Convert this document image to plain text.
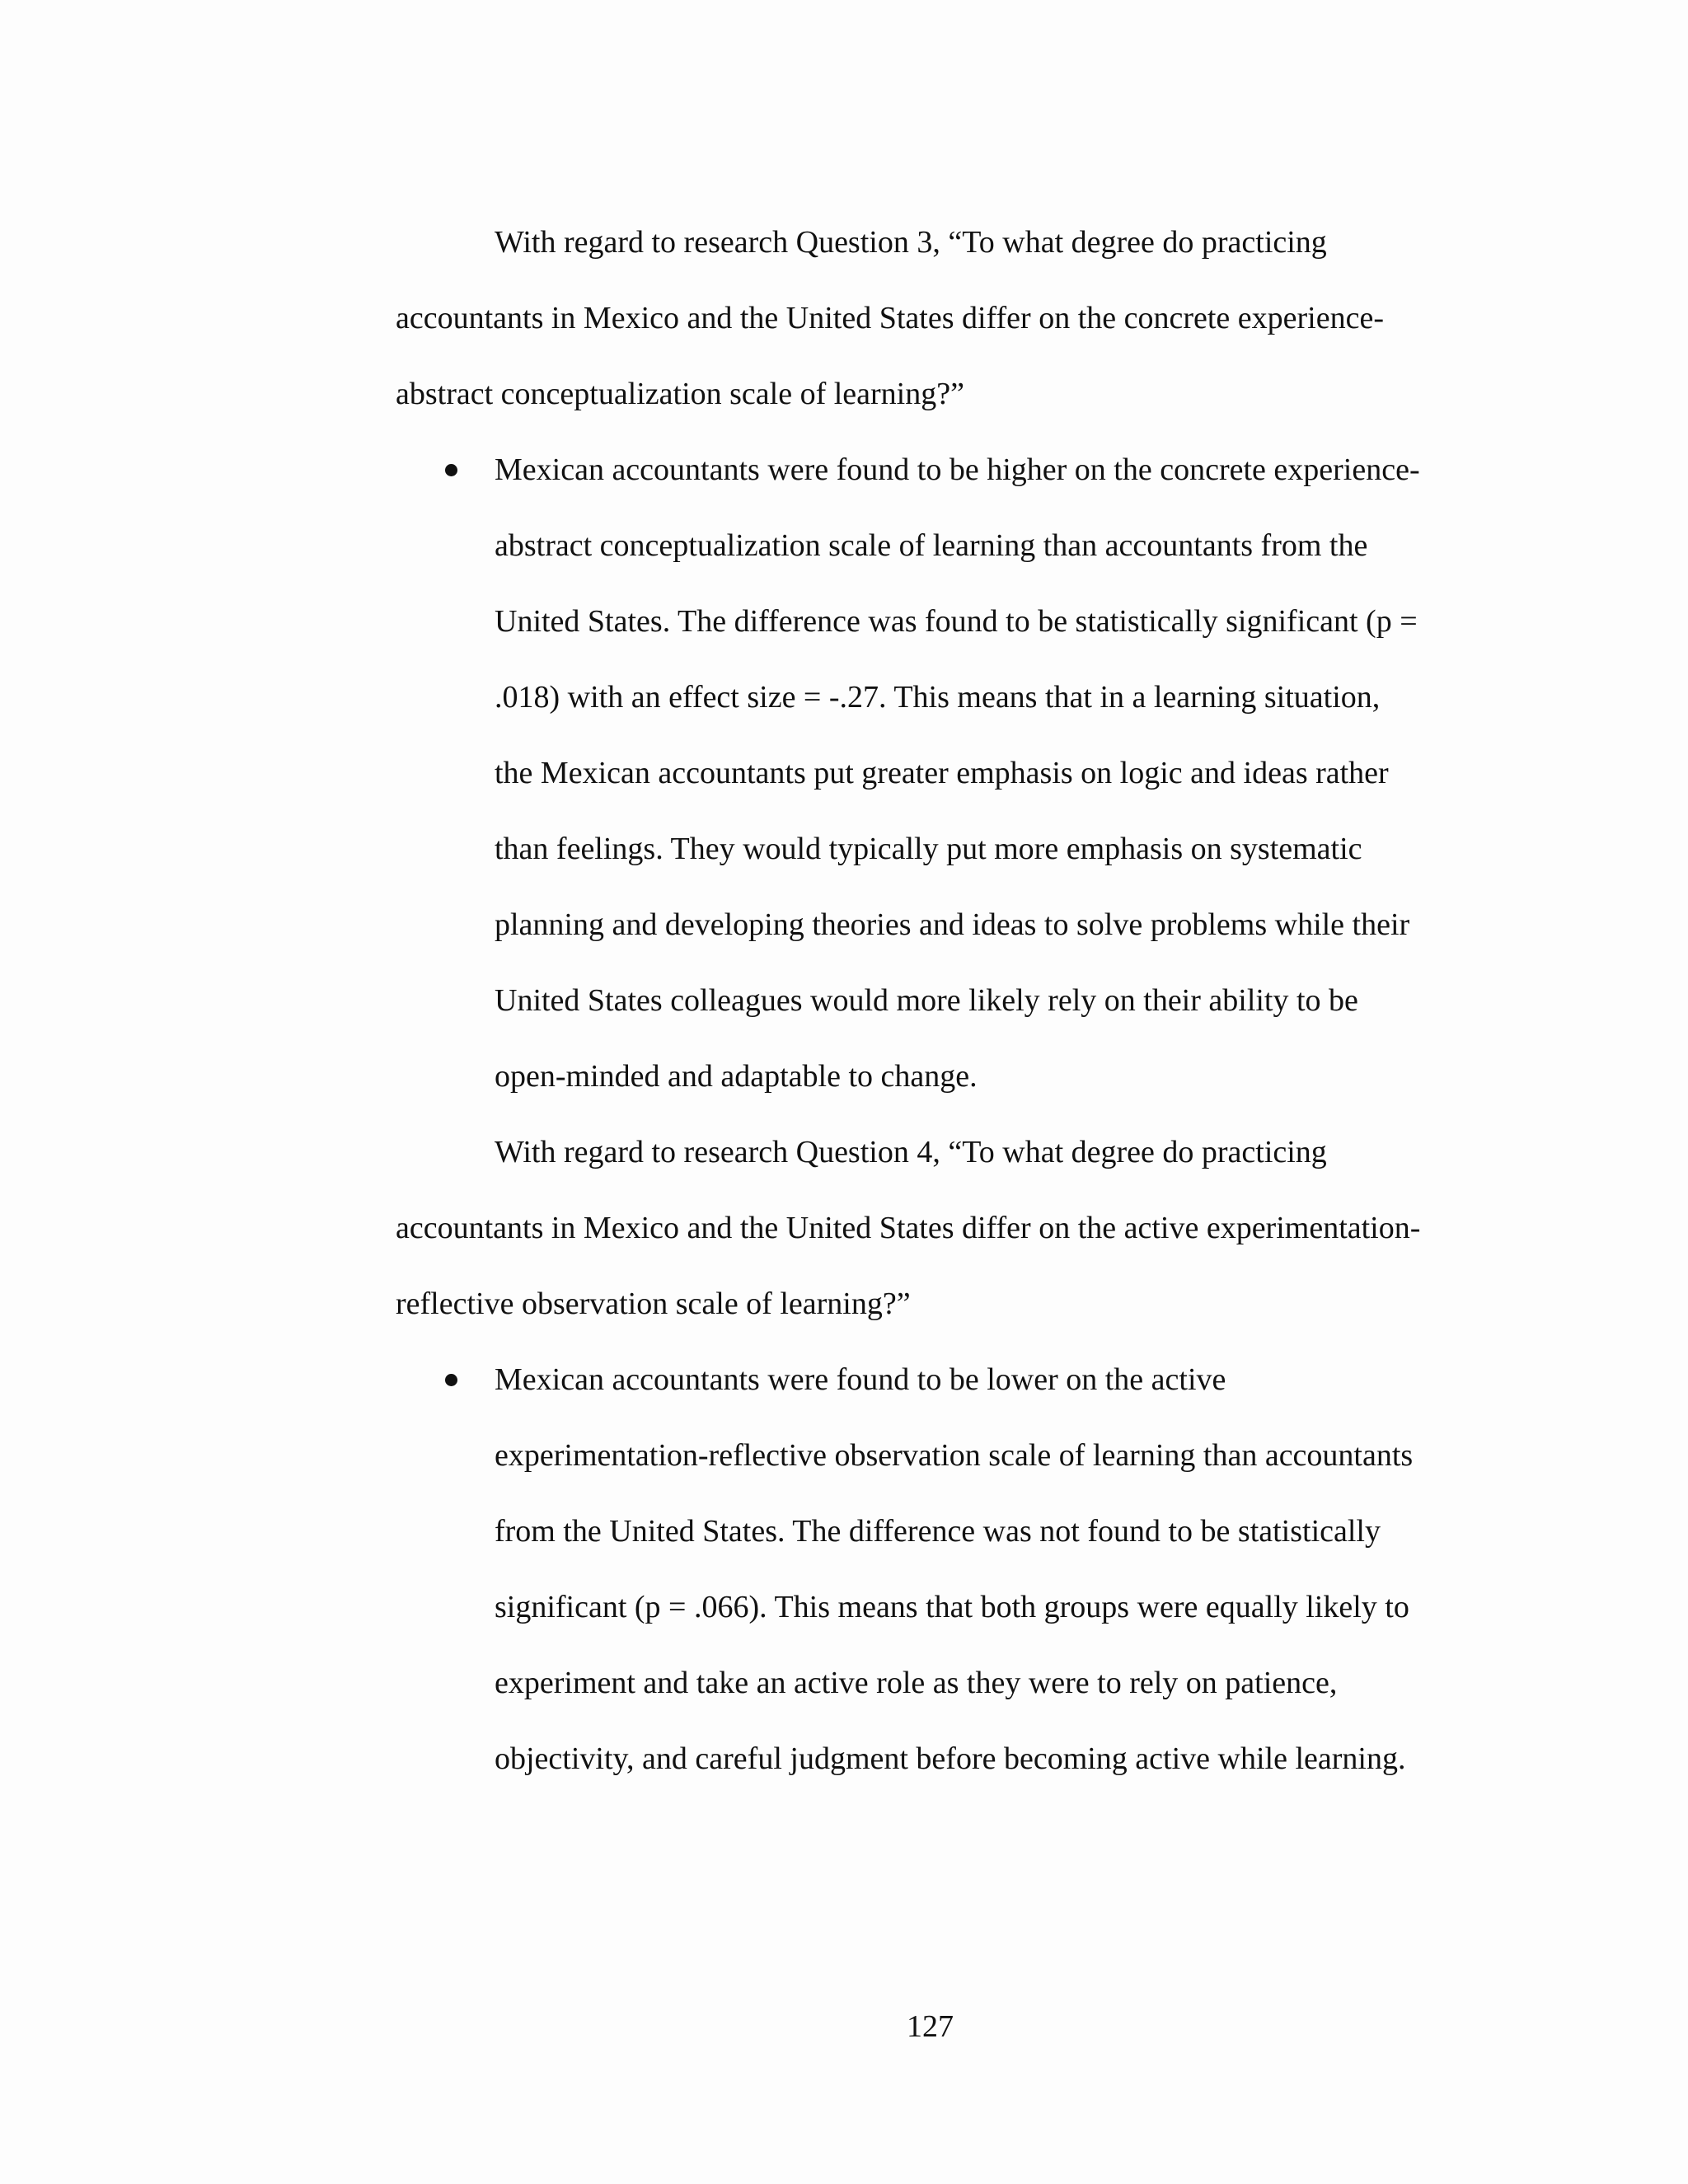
With regard to research Question 3, “To what degree do practicing
accountants in Mexico and the United States differ on the concrete experience-
abstract conceptualization scale of learning?”
Mexican accountants were found to be higher on the concrete experience-
abstract conceptualization scale of learning than accountants from the
United States. The difference was found to be statistically significant (p =
.018) with an effect size = -.27. This means that in a learning situation,
the Mexican accountants put greater emphasis on logic and ideas rather
than feelings. They would typically put more emphasis on systematic
planning and developing theories and ideas to solve problems while their
United States colleagues would more likely rely on their ability to be
open-minded and adaptable to change.
With regard to research Question 4, “To what degree do practicing
accountants in Mexico and the United States differ on the active experimentation-
reflective observation scale of learning?”
Mexican accountants were found to be lower on the active
experimentation-reflective observation scale of learning than accountants
from the United States. The difference was not found to be statistically
significant (p = .066). This means that both groups were equally likely to
experiment and take an active role as they were to rely on patience,
objectivity, and careful judgment before becoming active while learning.
127
